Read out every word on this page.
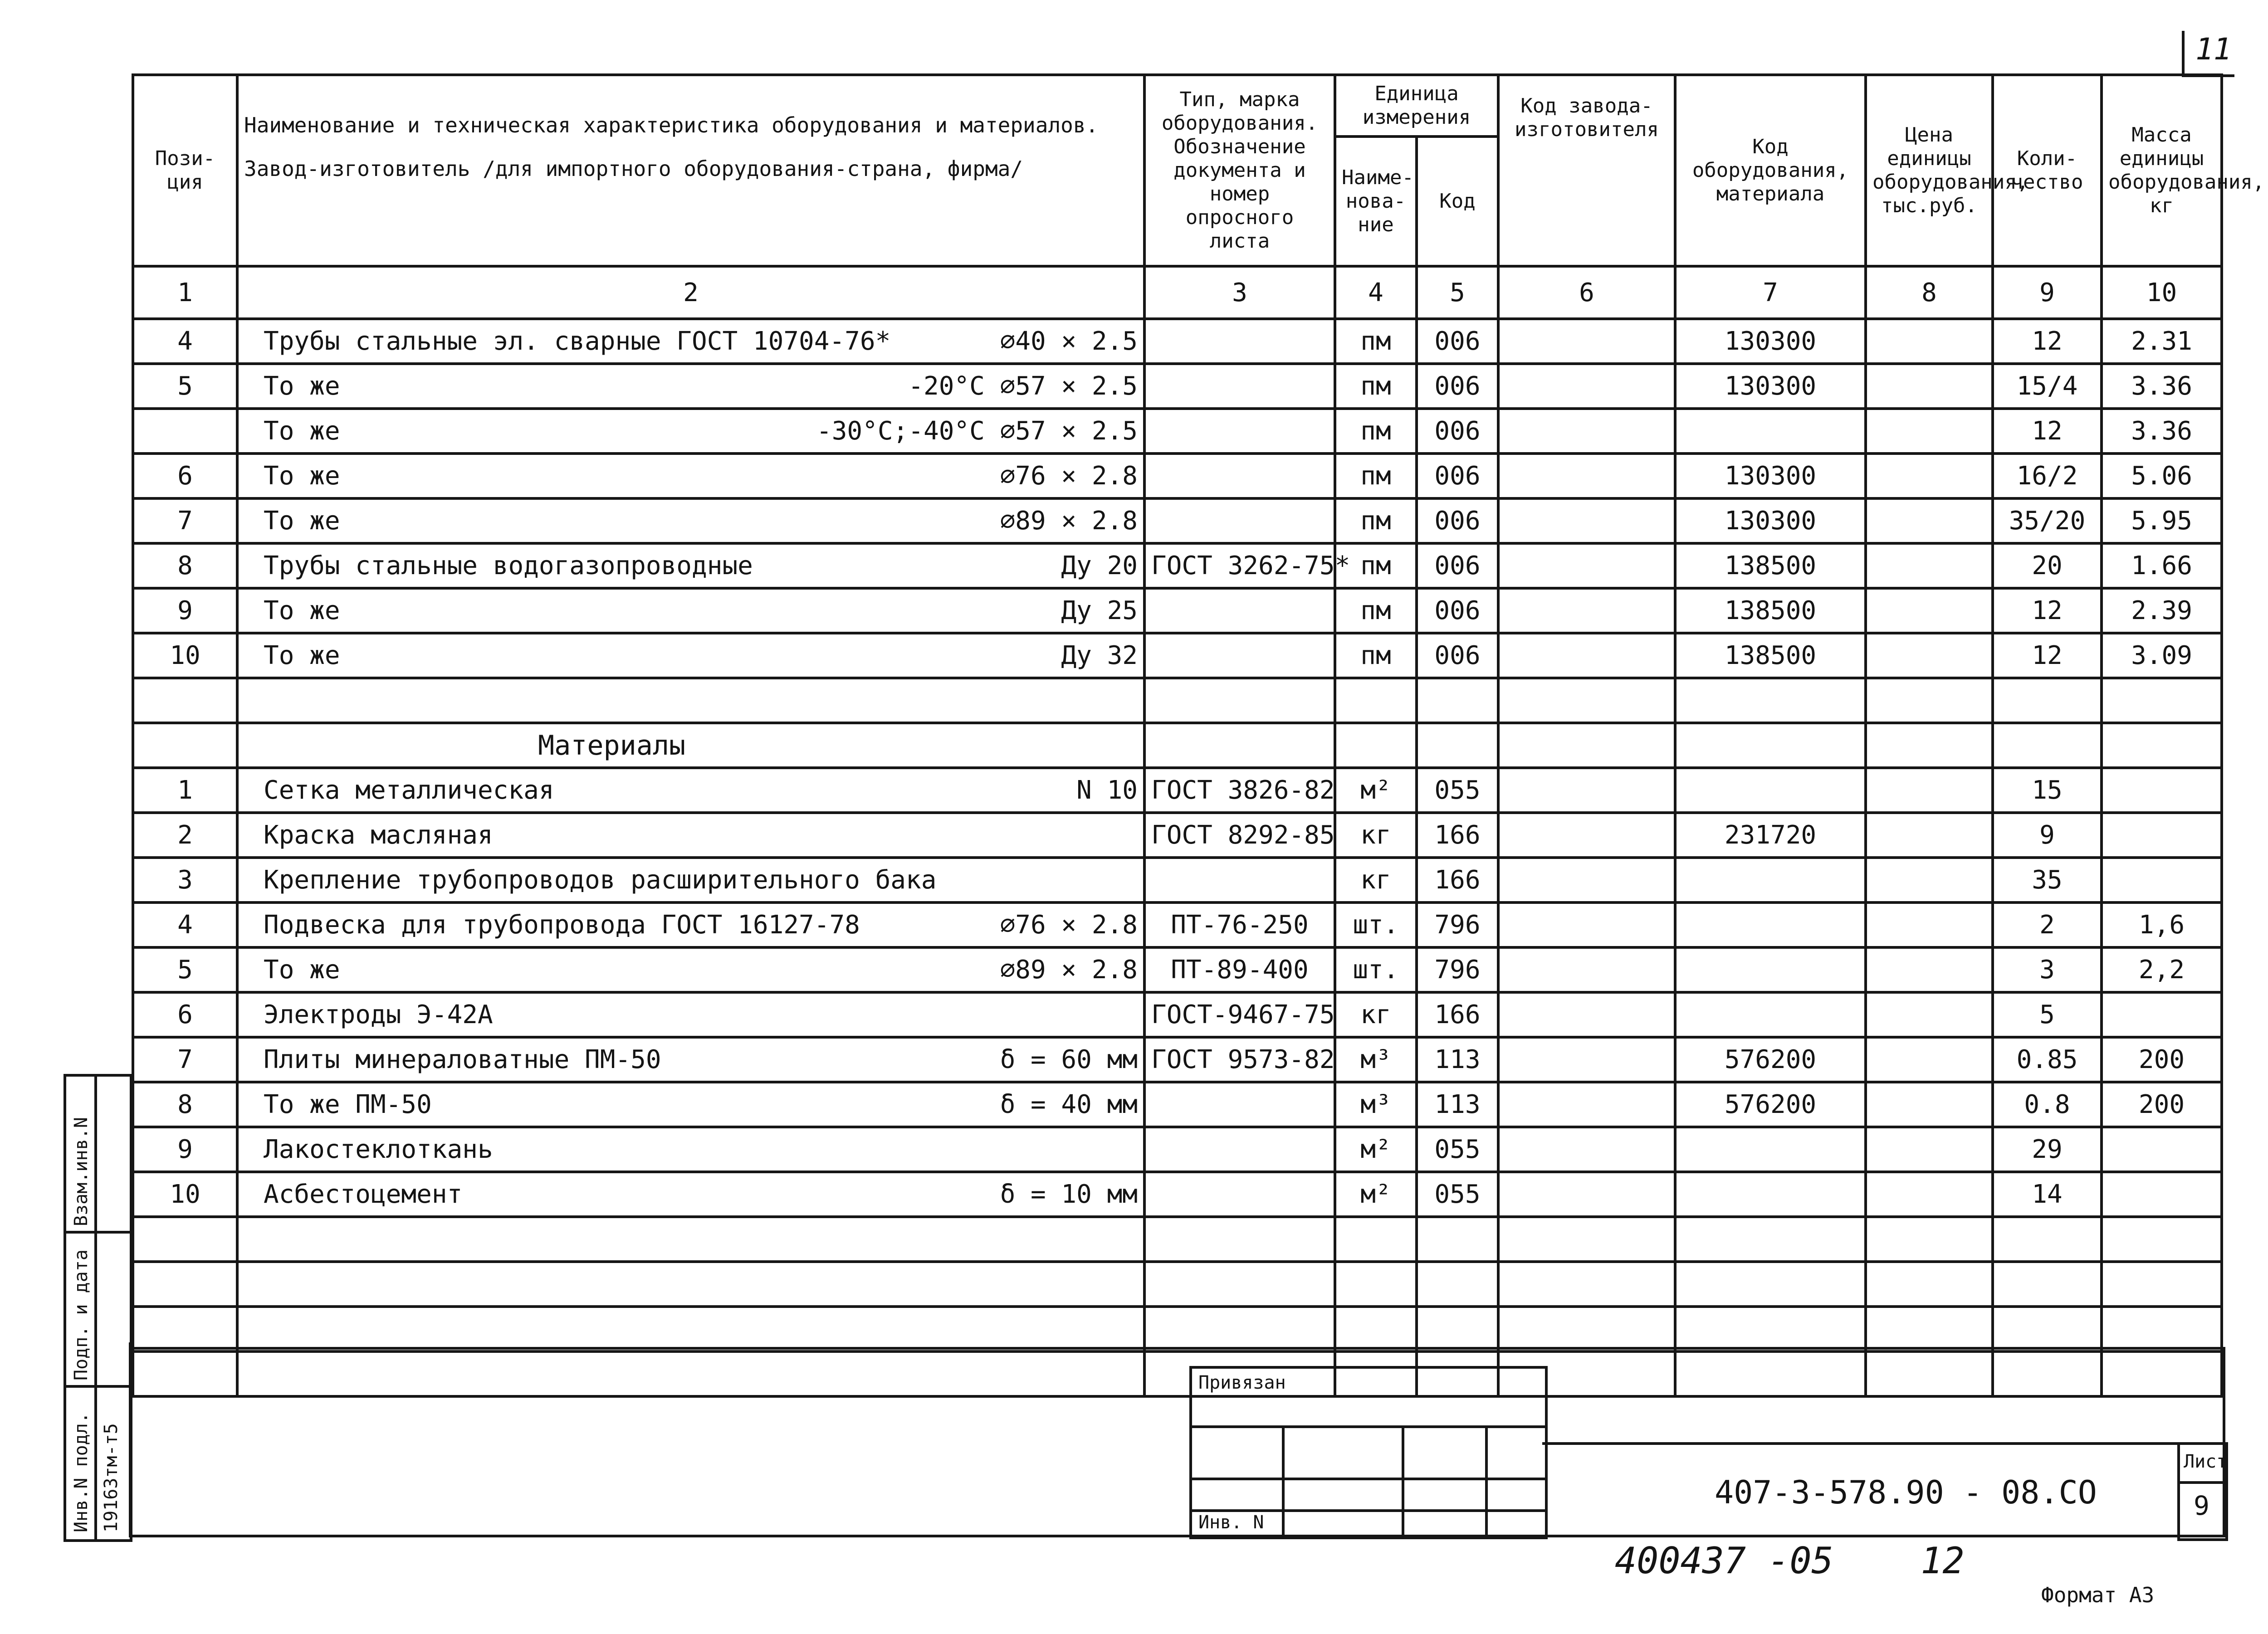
11
Пози-ция	Наименование и техническая характеристика оборудования и материалов. Завод-изготовитель /для импортного оборудования-страна, фирма/	Тип, марка оборудования. Обозначение документа и номер опросного листа	Единица измерения		Код завода-изготовителя	Код оборудования, материала	Цена единицы оборудования, тыс.руб.	Коли-чество	Масса единицы оборудования, кг
			Наиме-нова-ние	Код					
1	2	3	4	5	6	7	8	9	10
4	Трубы стальные эл. сварные ГОСТ 10704-76* ⌀40 × 2.5		пм	006		130300		12	2.31
5	То же -20°С ⌀57 × 2.5		пм	006		130300		15/4	3.36
	То же -30°С;-40°С ⌀57 × 2.5		пм	006				12	3.36
6	То же ⌀76 × 2.8		пм	006		130300		16/2	5.06
7	То же ⌀89 × 2.8		пм	006		130300		35/20	5.95
8	Трубы стальные водогазопроводные Ду 20	ГОСТ 3262-75*	пм	006		138500		20	1.66
9	То же Ду 25		пм	006		138500		12	2.39
10	То же Ду 32		пм	006		138500		12	3.09

	Материалы								
1	Сетка металлическая N 10	ГОСТ 3826-82	м²	055				15	
2	Краска масляная	ГОСТ 8292-85	кг	166		231720		9	
3	Крепление трубопроводов расширительного бака		кг	166				35	
4	Подвеска для трубопровода ГОСТ 16127-78 ⌀76 × 2.8	ПТ-76-250	шт.	796				2	1,6
5	То же ⌀89 × 2.8	ПТ-89-400	шт.	796				3	2,2
6	Электроды Э-42А	ГОСТ-9467-75	кг	166				5	
7	Плиты минераловатные ПМ-50 δ = 60 мм	ГОСТ 9573-82	м³	113		576200		0.85	200
8	То же ПМ-50 δ = 40 мм		м³	113		576200		0.8	200
9	Лакостеклоткань		м²	055				29	
10	Асбестоцемент δ = 10 мм		м²	055				14	

Взам.инв.N
Подп. и дата
Инв.N подл. 19163тм-т5
Привязан
Инв. N
407-3-578.90 - 08.CO
Лист
9
400437 -05    12
Формат А3
